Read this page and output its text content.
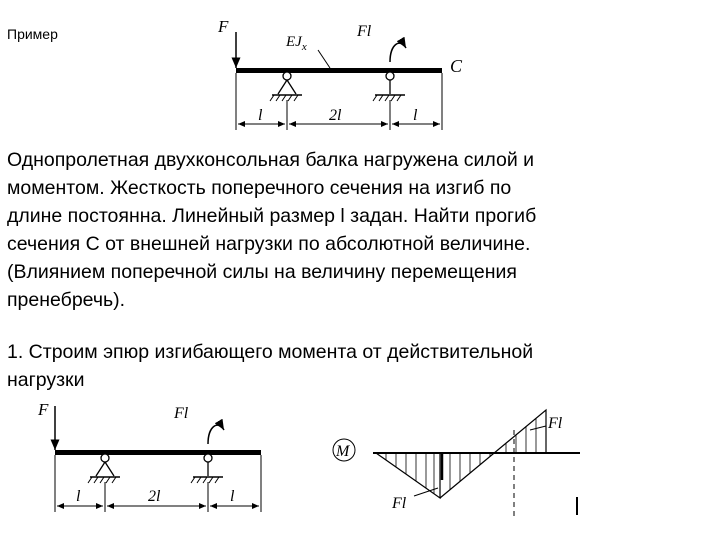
Пример	F
$EJ_x$
C
Fl
l	2l	l
Однопролетная двухконсольная балка нагружена силой и
моментом. Жесткость поперечного сечения на изгиб по
длине постоянна. Линейный размер l задан. Найти прогиб
сечения C от внешней нагрузки по абсолютной величине.
(Влиянием поперечной силы на величину перемещения
пренебречь).
1. Строим эпюр изгибающего момента от действительной
нагрузки
F	Fl
l	2l	l
M
Fl
Fl
